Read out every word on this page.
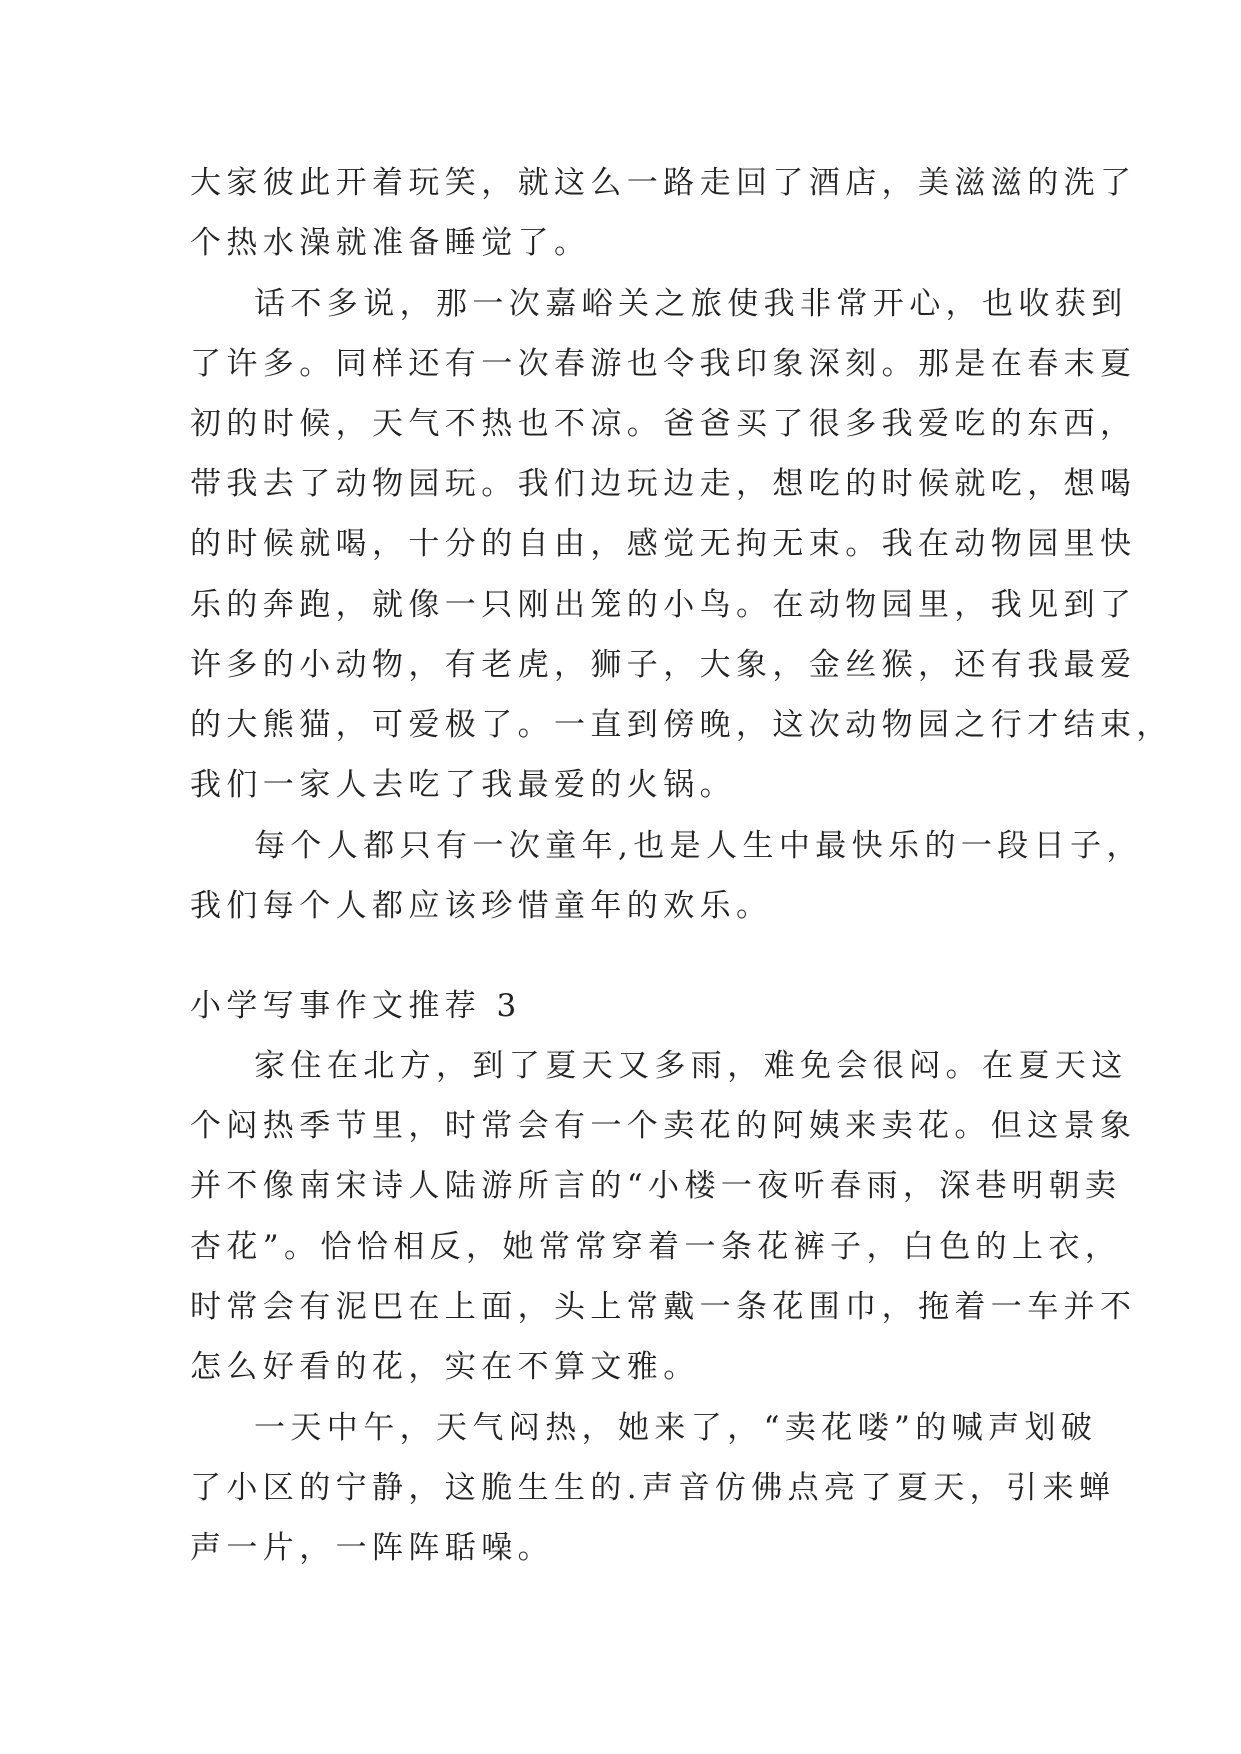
大家彼此开着玩笑，就这么一路走回了酒店，美滋滋的洗了
个热水澡就准备睡觉了。
话不多说，那一次嘉峪关之旅使我非常开心，也收获到
了许多。同样还有一次春游也令我印象深刻。那是在春末夏
初的时候，天气不热也不凉。爸爸买了很多我爱吃的东西，
带我去了动物园玩。我们边玩边走，想吃的时候就吃，想喝
的时候就喝，十分的自由，感觉无拘无束。我在动物园里快
乐的奔跑，就像一只刚出笼的小鸟。在动物园里，我见到了
许多的小动物，有老虎，狮子，大象，金丝猴，还有我最爱
的大熊猫，可爱极了。一直到傍晚，这次动物园之行才结束，
我们一家人去吃了我最爱的火锅。
每个人都只有一次童年,也是人生中最快乐的一段日子，
我们每个人都应该珍惜童年的欢乐。
小学写事作文推荐 3
家住在北方，到了夏天又多雨，难免会很闷。在夏天这
个闷热季节里，时常会有一个卖花的阿姨来卖花。但这景象
并不像南宋诗人陆游所言的“小楼一夜听春雨，深巷明朝卖
杏花”。恰恰相反，她常常穿着一条花裤子，白色的上衣，
时常会有泥巴在上面，头上常戴一条花围巾，拖着一车并不
怎么好看的花，实在不算文雅。
一天中午，天气闷热，她来了，“卖花喽”的喊声划破
了小区的宁静，这脆生生的.声音仿佛点亮了夏天，引来蝉
声一片，一阵阵聒噪。
